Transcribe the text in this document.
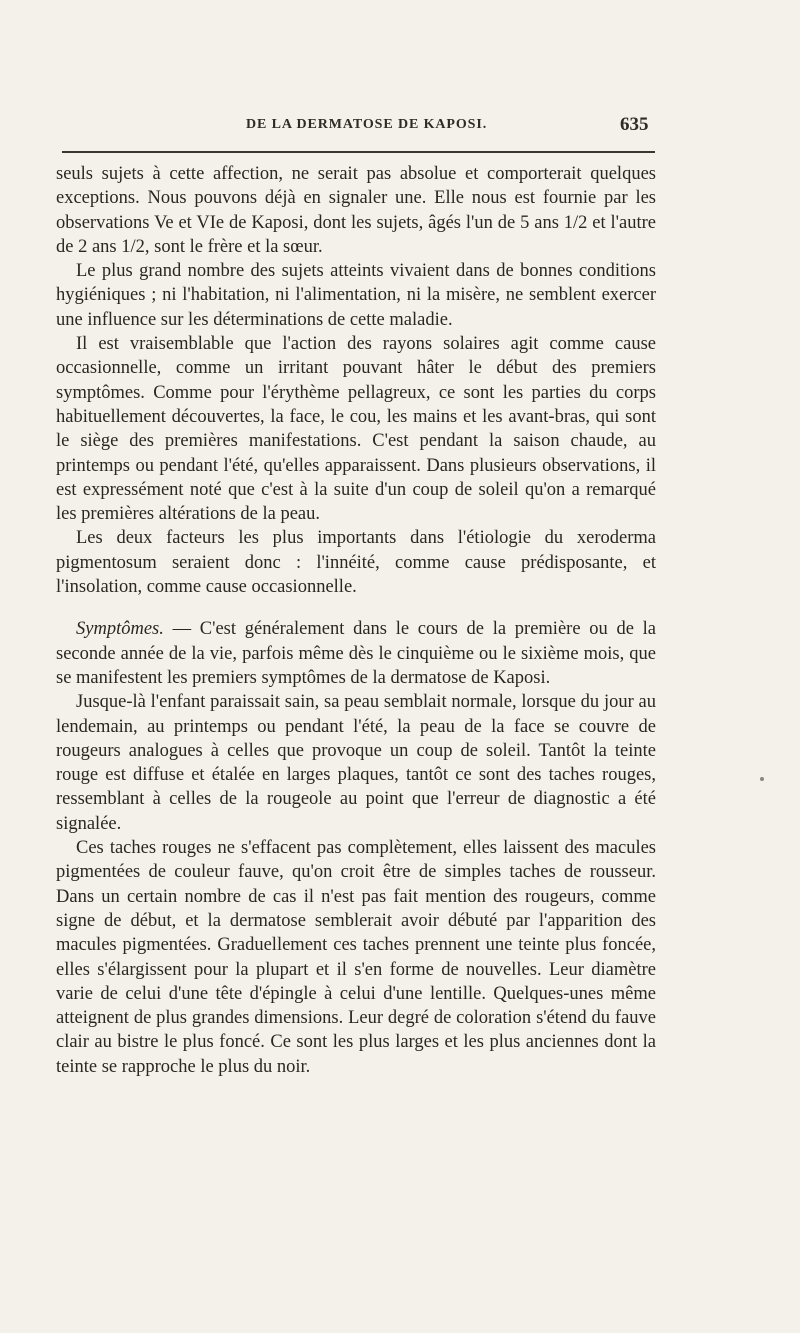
DE LA DERMATOSE DE KAPOSI.	635

seuls sujets à cette affection, ne serait pas absolue et comporterait quelques exceptions. Nous pouvons déjà en signaler une. Elle nous est fournie par les observations Ve et VIe de Kaposi, dont les sujets, âgés l'un de 5 ans 1/2 et l'autre de 2 ans 1/2, sont le frère et la sœur.

Le plus grand nombre des sujets atteints vivaient dans de bonnes conditions hygiéniques ; ni l'habitation, ni l'alimentation, ni la misère, ne semblent exercer une influence sur les déterminations de cette maladie.

Il est vraisemblable que l'action des rayons solaires agit comme cause occasionnelle, comme un irritant pouvant hâter le début des premiers symptômes. Comme pour l'érythème pellagreux, ce sont les parties du corps habituellement découvertes, la face, le cou, les mains et les avant-bras, qui sont le siège des premières manifestations. C'est pendant la saison chaude, au printemps ou pendant l'été, qu'elles apparaissent. Dans plusieurs observations, il est expressément noté que c'est à la suite d'un coup de soleil qu'on a remarqué les premières altérations de la peau.

Les deux facteurs les plus importants dans l'étiologie du xeroderma pigmentosum seraient donc : l'innéité, comme cause prédisposante, et l'insolation, comme cause occasionnelle.

Symptômes. — C'est généralement dans le cours de la première ou de la seconde année de la vie, parfois même dès le cinquième ou le sixième mois, que se manifestent les premiers symptômes de la dermatose de Kaposi.

Jusque-là l'enfant paraissait sain, sa peau semblait normale, lorsque du jour au lendemain, au printemps ou pendant l'été, la peau de la face se couvre de rougeurs analogues à celles que provoque un coup de soleil. Tantôt la teinte rouge est diffuse et étalée en larges plaques, tantôt ce sont des taches rouges, ressemblant à celles de la rougeole au point que l'erreur de diagnostic a été signalée.

Ces taches rouges ne s'effacent pas complètement, elles laissent des macules pigmentées de couleur fauve, qu'on croit être de simples taches de rousseur. Dans un certain nombre de cas il n'est pas fait mention des rougeurs, comme signe de début, et la dermatose semblerait avoir débuté par l'apparition des macules pigmentées. Graduellement ces taches prennent une teinte plus foncée, elles s'élargissent pour la plupart et il s'en forme de nouvelles. Leur diamètre varie de celui d'une tête d'épingle à celui d'une lentille. Quelques-unes même atteignent de plus grandes dimensions. Leur degré de coloration s'étend du fauve clair au bistre le plus foncé. Ce sont les plus larges et les plus anciennes dont la teinte se rapproche le plus du noir.
